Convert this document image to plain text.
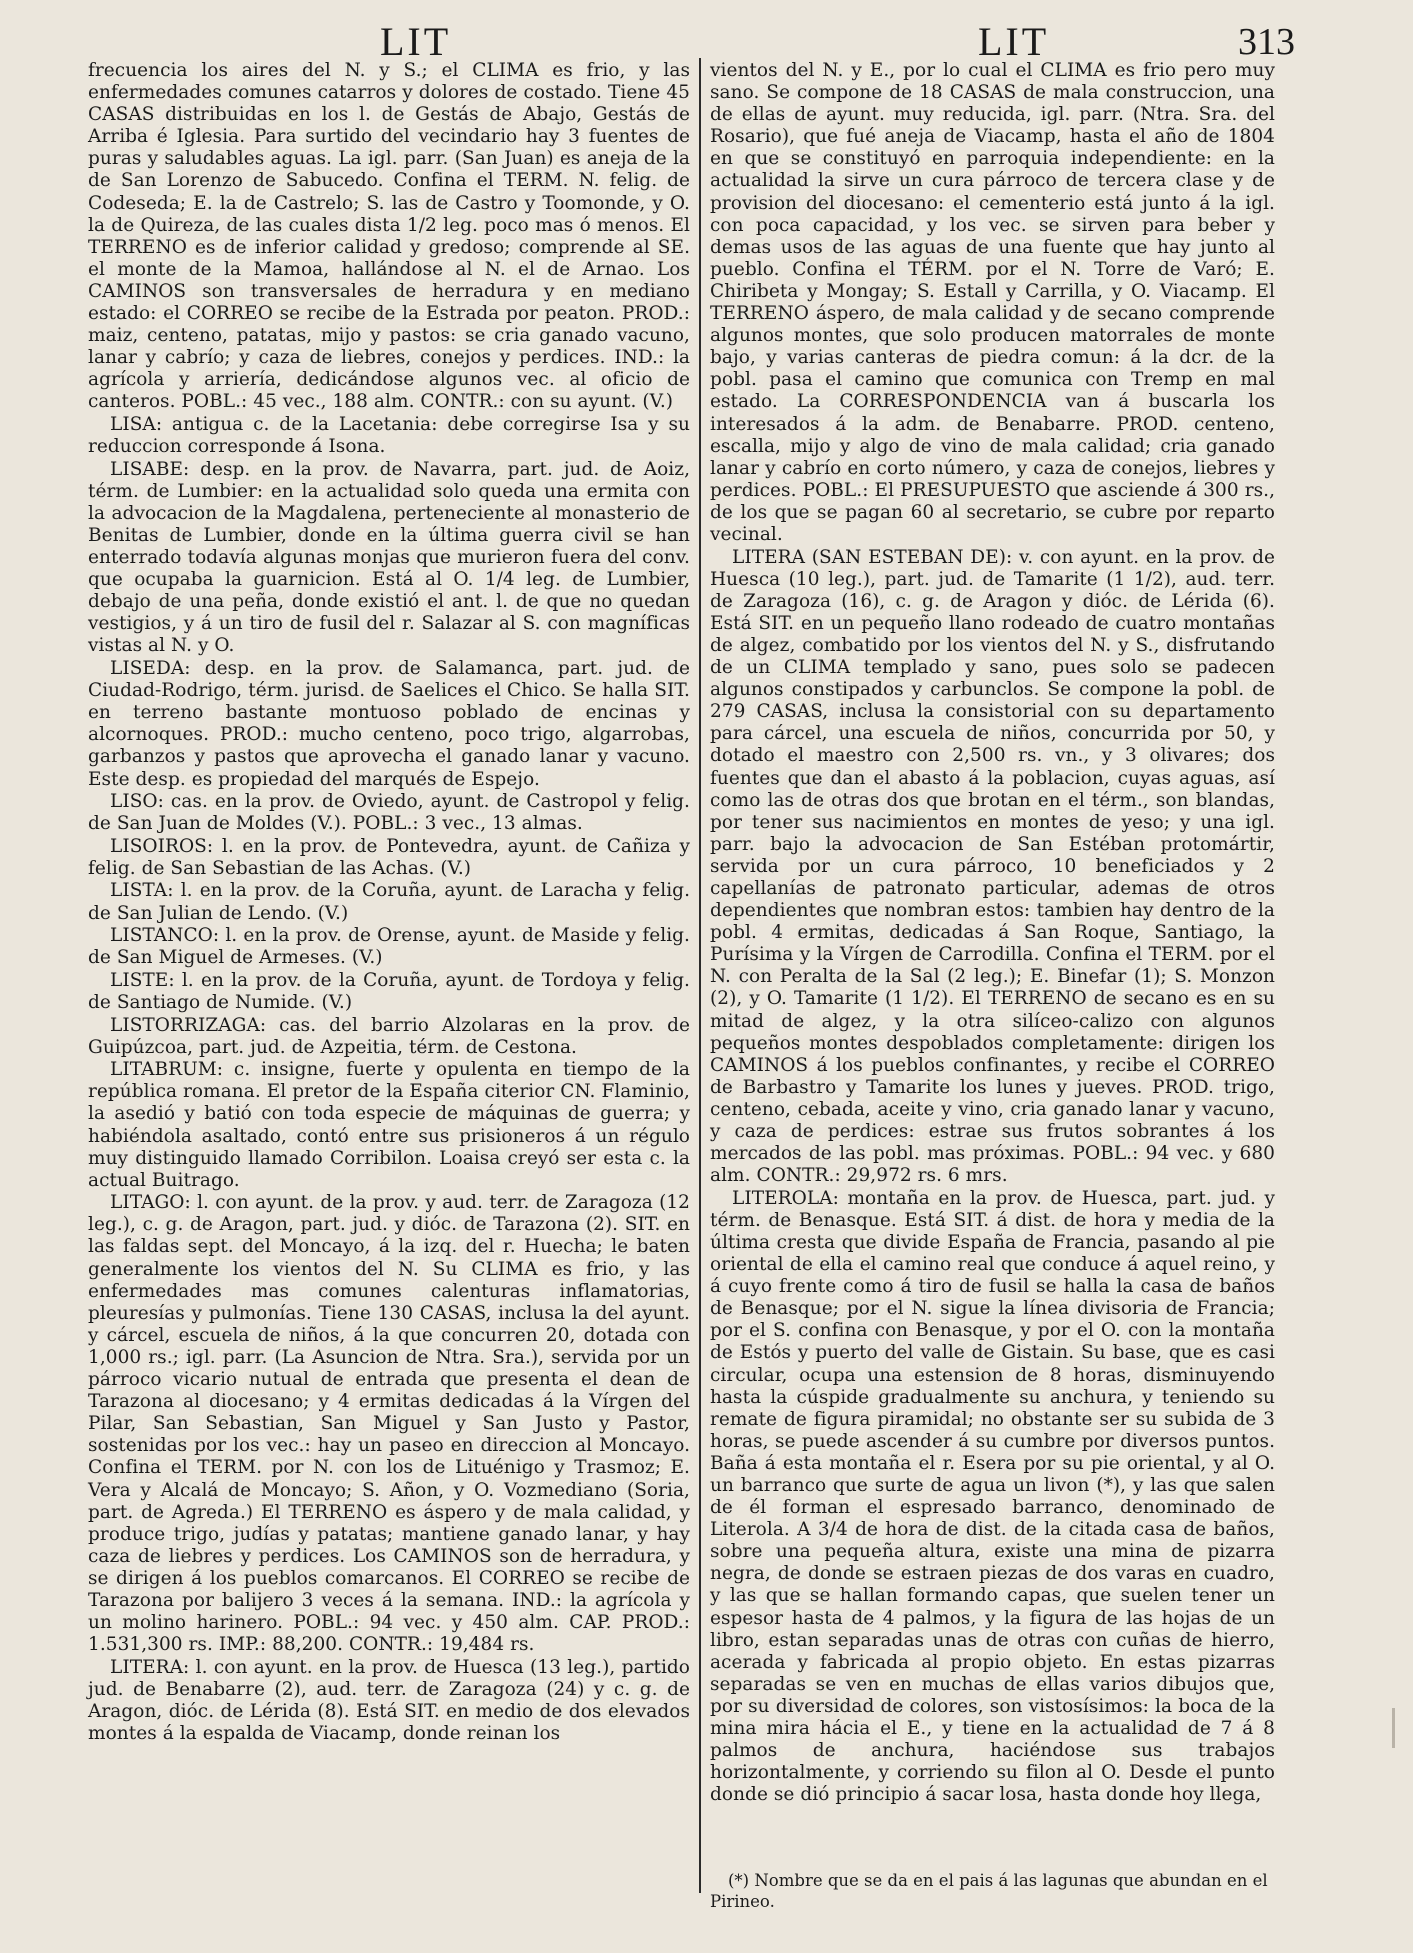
LIT	LIT	313

frecuencia los aires del N. y S.; el CLIMA es frio, y las enfermedades comunes catarros y dolores de costado. Tiene 45 CASAS distribuidas en los l. de Gestás de Abajo, Gestás de Arriba é Iglesia. Para surtido del vecindario hay 3 fuentes de puras y saludables aguas. La igl. parr. (San Juan) es aneja de la de San Lorenzo de Sabucedo. Confina el TERM. N. felig. de Codeseda; E. la de Castrelo; S. las de Castro y Toomonde, y O. la de Quireza, de las cuales dista 1/2 leg. poco mas ó menos. El TERRENO es de inferior calidad y gredoso; comprende al SE. el monte de la Mamoa, hallándose al N. el de Arnao. Los CAMINOS son transversales de herradura y en mediano estado: el CORREO se recibe de la Estrada por peaton. PROD.: maiz, centeno, patatas, mijo y pastos: se cria ganado vacuno, lanar y cabrío; y caza de liebres, conejos y perdices. IND.: la agrícola y arriería, dedicándose algunos vec. al oficio de canteros. POBL.: 45 vec., 188 alm. CONTR.: con su ayunt. (V.)

LISA: antigua c. de la Lacetania: debe corregirse Isa y su reduccion corresponde á Isona.

LISABE: desp. en la prov. de Navarra, part. jud. de Aoiz, térm. de Lumbier: en la actualidad solo queda una ermita con la advocacion de la Magdalena, perteneciente al monasterio de Benitas de Lumbier, donde en la última guerra civil se han enterrado todavía algunas monjas que murieron fuera del conv. que ocupaba la guarnicion. Está al O. 1/4 leg. de Lumbier, debajo de una peña, donde existió el ant. l. de que no quedan vestigios, y á un tiro de fusil del r. Salazar al S. con magníficas vistas al N. y O.

LISEDA: desp. en la prov. de Salamanca, part. jud. de Ciudad-Rodrigo, térm. jurisd. de Saelices el Chico. Se halla SIT. en terreno bastante montuoso poblado de encinas y alcornoques. PROD.: mucho centeno, poco trigo, algarrobas, garbanzos y pastos que aprovecha el ganado lanar y vacuno. Este desp. es propiedad del marqués de Espejo.

LISO: cas. en la prov. de Oviedo, ayunt. de Castropol y felig. de San Juan de Moldes (V.). POBL.: 3 vec., 13 almas.

LISOIROS: l. en la prov. de Pontevedra, ayunt. de Cañiza y felig. de San Sebastian de las Achas. (V.)

LISTA: l. en la prov. de la Coruña, ayunt. de Laracha y felig. de San Julian de Lendo. (V.)

LISTANCO: l. en la prov. de Orense, ayunt. de Maside y felig. de San Miguel de Armeses. (V.)

LISTE: l. en la prov. de la Coruña, ayunt. de Tordoya y felig. de Santiago de Numide. (V.)

LISTORRIZAGA: cas. del barrio Alzolaras en la prov. de Guipúzcoa, part. jud. de Azpeitia, térm. de Cestona.

LITABRUM: c. insigne, fuerte y opulenta en tiempo de la república romana. El pretor de la España citerior CN. Flaminio, la asedió y batió con toda especie de máquinas de guerra; y habiéndola asaltado, contó entre sus prisioneros á un régulo muy distinguido llamado Corribilon. Loaisa creyó ser esta c. la actual Buitrago.

LITAGO: l. con ayunt. de la prov. y aud. terr. de Zaragoza (12 leg.), c. g. de Aragon, part. jud. y dióc. de Tarazona (2). SIT. en las faldas sept. del Moncayo, á la izq. del r. Huecha; le baten generalmente los vientos del N. Su CLIMA es frio, y las enfermedades mas comunes calenturas inflamatorias, pleuresías y pulmonías. Tiene 130 CASAS, inclusa la del ayunt. y cárcel, escuela de niños, á la que concurren 20, dotada con 1,000 rs.; igl. parr. (La Asuncion de Ntra. Sra.), servida por un párroco vicario nutual de entrada que presenta el dean de Tarazona al diocesano; y 4 ermitas dedicadas á la Vírgen del Pilar, San Sebastian, San Miguel y San Justo y Pastor, sostenidas por los vec.: hay un paseo en direccion al Moncayo. Confina el TERM. por N. con los de Lituénigo y Trasmoz; E. Vera y Alcalá de Moncayo; S. Añon, y O. Vozmediano (Soria, part. de Agreda.) El TERRENO es áspero y de mala calidad, y produce trigo, judías y patatas; mantiene ganado lanar, y hay caza de liebres y perdices. Los CAMINOS son de herradura, y se dirigen á los pueblos comarcanos. El CORREO se recibe de Tarazona por balijero 3 veces á la semana. IND.: la agrícola y un molino harinero. POBL.: 94 vec. y 450 alm. CAP. PROD.: 1.531,300 rs. IMP.: 88,200. CONTR.: 19,484 rs.

LITERA: l. con ayunt. en la prov. de Huesca (13 leg.), partido jud. de Benabarre (2), aud. terr. de Zaragoza (24) y c. g. de Aragon, dióc. de Lérida (8). Está SIT. en medio de dos elevados montes á la espalda de Viacamp, donde reinan los

vientos del N. y E., por lo cual el CLIMA es frio pero muy sano. Se compone de 18 CASAS de mala construccion, una de ellas de ayunt. muy reducida, igl. parr. (Ntra. Sra. del Rosario), que fué aneja de Viacamp, hasta el año de 1804 en que se constituyó en parroquia independiente: en la actualidad la sirve un cura párroco de tercera clase y de provision del diocesano: el cementerio está junto á la igl. con poca capacidad, y los vec. se sirven para beber y demas usos de las aguas de una fuente que hay junto al pueblo. Confina el TÉRM. por el N. Torre de Varó; E. Chiribeta y Mongay; S. Estall y Carrilla, y O. Viacamp. El TERRENO áspero, de mala calidad y de secano comprende algunos montes, que solo producen matorrales de monte bajo, y varias canteras de piedra comun: á la dcr. de la pobl. pasa el camino que comunica con Tremp en mal estado. La CORRESPONDENCIA van á buscarla los interesados á la adm. de Benabarre. PROD. centeno, escalla, mijo y algo de vino de mala calidad; cria ganado lanar y cabrío en corto número, y caza de conejos, liebres y perdices. POBL.: El PRESUPUESTO que asciende á 300 rs., de los que se pagan 60 al secretario, se cubre por reparto vecinal.

LITERA (SAN ESTEBAN DE): v. con ayunt. en la prov. de Huesca (10 leg.), part. jud. de Tamarite (1 1/2), aud. terr. de Zaragoza (16), c. g. de Aragon y dióc. de Lérida (6). Está SIT. en un pequeño llano rodeado de cuatro montañas de algez, combatido por los vientos del N. y S., disfrutando de un CLIMA templado y sano, pues solo se padecen algunos constipados y carbunclos. Se compone la pobl. de 279 CASAS, inclusa la consistorial con su departamento para cárcel, una escuela de niños, concurrida por 50, y dotado el maestro con 2,500 rs. vn., y 3 olivares; dos fuentes que dan el abasto á la poblacion, cuyas aguas, así como las de otras dos que brotan en el térm., son blandas, por tener sus nacimientos en montes de yeso; y una igl. parr. bajo la advocacion de San Estéban protomártir, servida por un cura párroco, 10 beneficiados y 2 capellanías de patronato particular, ademas de otros dependientes que nombran estos: tambien hay dentro de la pobl. 4 ermitas, dedicadas á San Roque, Santiago, la Purísima y la Vírgen de Carrodilla. Confina el TERM. por el N. con Peralta de la Sal (2 leg.); E. Binefar (1); S. Monzon (2), y O. Tamarite (1 1/2). El TERRENO de secano es en su mitad de algez, y la otra silíceo-calizo con algunos pequeños montes despoblados completamente: dirigen los CAMINOS á los pueblos confinantes, y recibe el CORREO de Barbastro y Tamarite los lunes y jueves. PROD. trigo, centeno, cebada, aceite y vino, cria ganado lanar y vacuno, y caza de perdices: estrae sus frutos sobrantes á los mercados de las pobl. mas próximas. POBL.: 94 vec. y 680 alm. CONTR.: 29,972 rs. 6 mrs.

LITEROLA: montaña en la prov. de Huesca, part. jud. y térm. de Benasque. Está SIT. á dist. de hora y media de la última cresta que divide España de Francia, pasando al pie oriental de ella el camino real que conduce á aquel reino, y á cuyo frente como á tiro de fusil se halla la casa de baños de Benasque; por el N. sigue la línea divisoria de Francia; por el S. confina con Benasque, y por el O. con la montaña de Estós y puerto del valle de Gistain. Su base, que es casi circular, ocupa una estension de 8 horas, disminuyendo hasta la cúspide gradualmente su anchura, y teniendo su remate de figura piramidal; no obstante ser su subida de 3 horas, se puede ascender á su cumbre por diversos puntos. Baña á esta montaña el r. Esera por su pie oriental, y al O. un barranco que surte de agua un livon (*), y las que salen de él forman el espresado barranco, denominado de Literola. A 3/4 de hora de dist. de la citada casa de baños, sobre una pequeña altura, existe una mina de pizarra negra, de donde se estraen piezas de dos varas en cuadro, y las que se hallan formando capas, que suelen tener un espesor hasta de 4 palmos, y la figura de las hojas de un libro, estan separadas unas de otras con cuñas de hierro, acerada y fabricada al propio objeto. En estas pizarras separadas se ven en muchas de ellas varios dibujos que, por su diversidad de colores, son vistosísimos: la boca de la mina mira hácia el E., y tiene en la actualidad de 7 á 8 palmos de anchura, haciéndose sus trabajos horizontalmente, y corriendo su filon al O. Desde el punto donde se dió principio á sacar losa, hasta donde hoy llega,

(*) Nombre que se da en el pais á las lagunas que abundan en el Pirineo.
